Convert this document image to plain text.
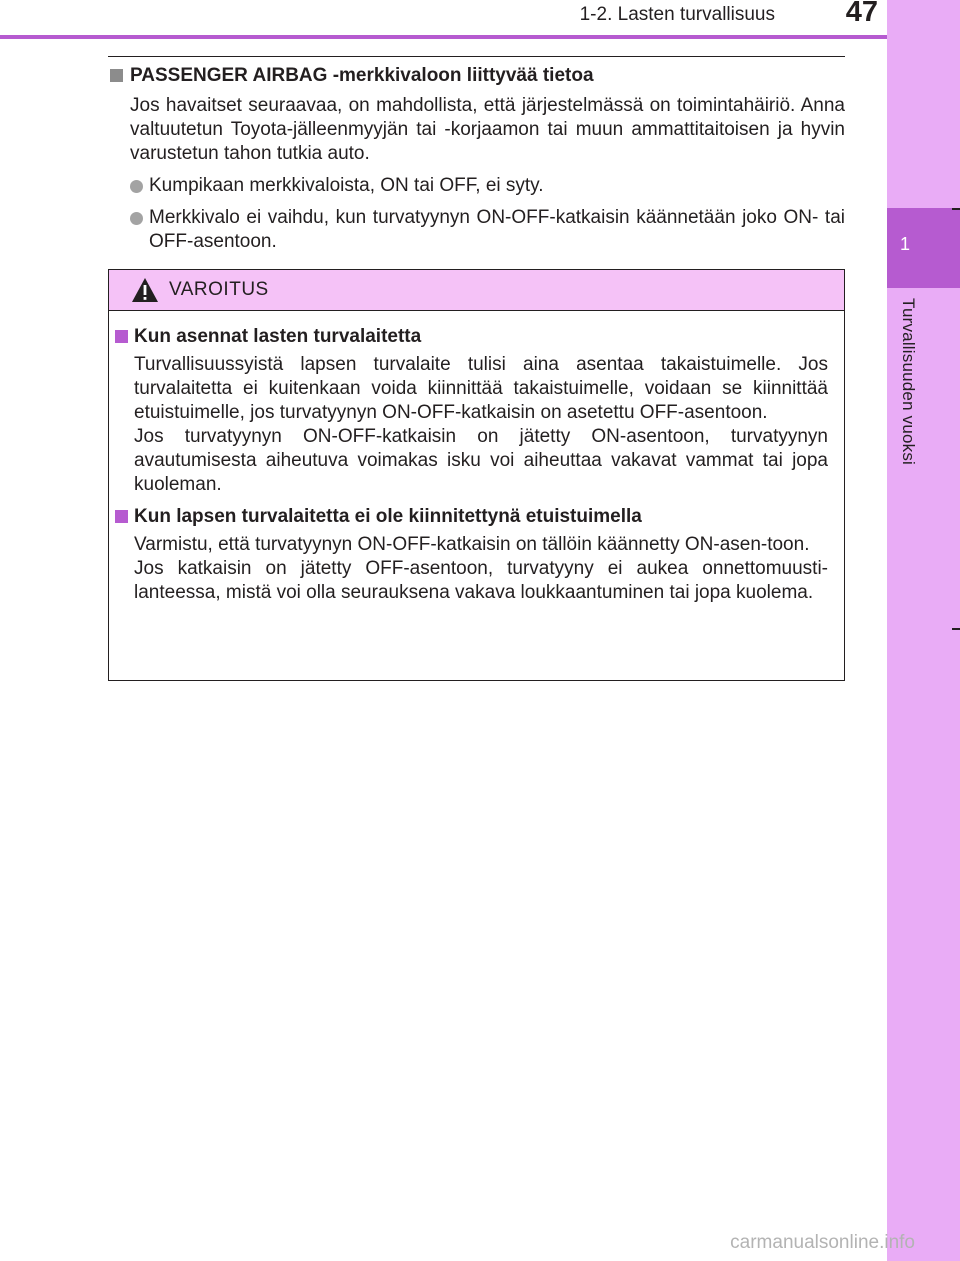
1-2. Lasten turvallisuus	47
1
Turvallisuuden vuoksi
PASSENGER AIRBAG -merkkivaloon liittyvää tietoa
Jos havaitset seuraavaa, on mahdollista, että järjestelmässä on toimintahäiriö. Anna valtuutetun Toyota-jälleenmyyjän tai -korjaamon tai muun ammattitaitoisen ja hyvin varustetun tahon tutkia auto.
Kumpikaan merkkivaloista, ON tai OFF, ei syty.
Merkkivalo ei vaihdu, kun turvatyynyn ON-OFF-katkaisin käännetään joko ON- tai OFF-asentoon.
VAROITUS
Kun asennat lasten turvalaitetta
Turvallisuussyistä lapsen turvalaite tulisi aina asentaa takaistuimelle. Jos turvalaitetta ei kuitenkaan voida kiinnittää takaistuimelle, voidaan se kiinnittää etuistuimelle, jos turvatyynyn ON-OFF-katkaisin on asetettu OFF-asentoon.
Jos turvatyynyn ON-OFF-katkaisin on jätetty ON-asentoon, turvatyynyn avautumisesta aiheutuva voimakas isku voi aiheuttaa vakavat vammat tai jopa kuoleman.
Kun lapsen turvalaitetta ei ole kiinnitettynä etuistuimella
Varmistu, että turvatyynyn ON-OFF-katkaisin on tällöin käännetty ON-asen-toon.
Jos katkaisin on jätetty OFF-asentoon, turvatyyny ei aukea onnettomuusti-lanteessa, mistä voi olla seurauksena vakava loukkaantuminen tai jopa kuolema.
carmanualsonline.info
